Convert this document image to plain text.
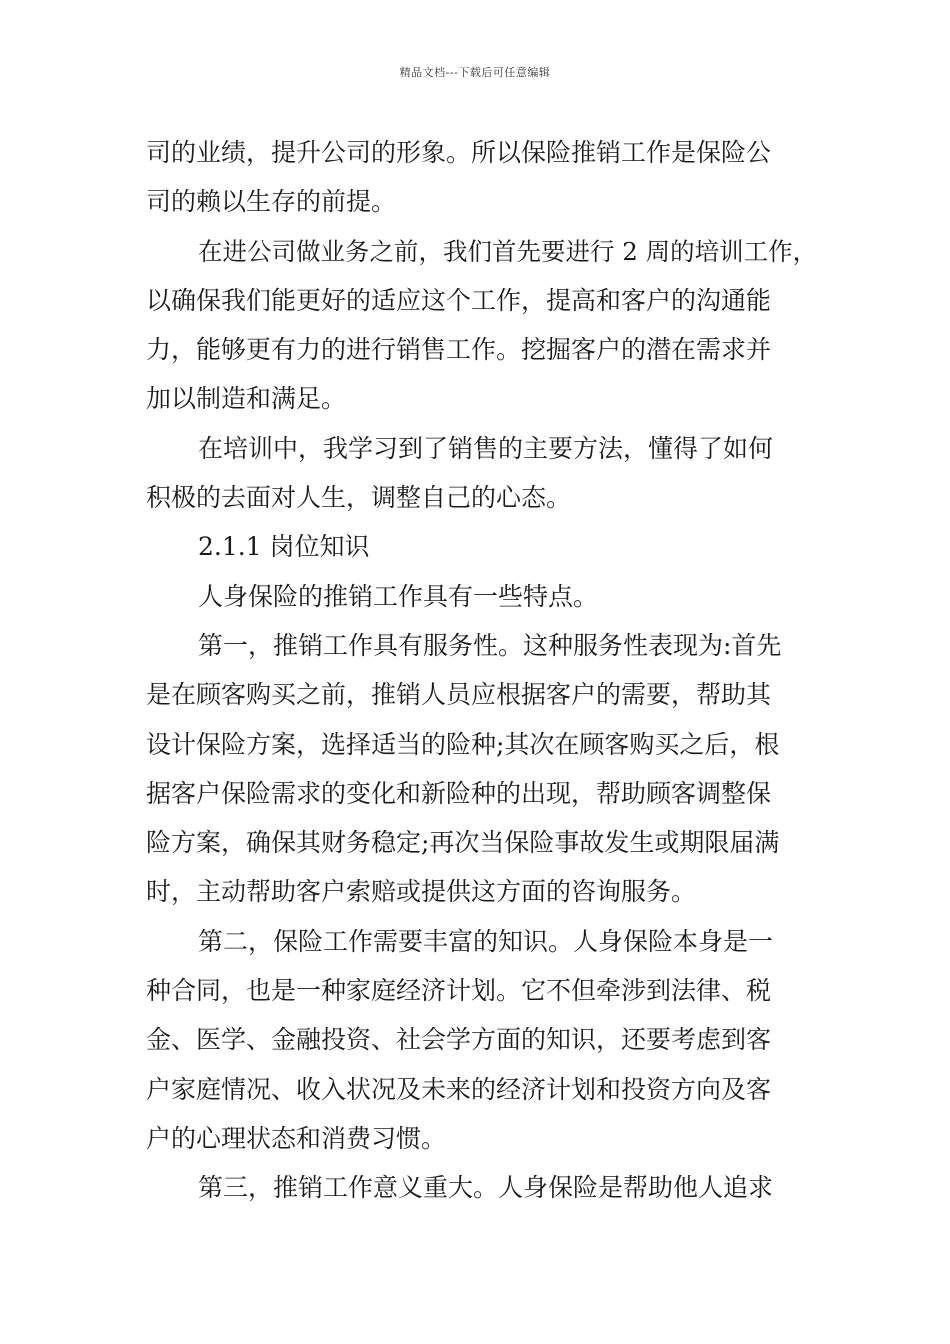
精品文档---下载后可任意编辑
司的业绩，提升公司的形象。所以保险推销工作是保险公
司的赖以生存的前提。
在进公司做业务之前，我们首先要进行 2 周的培训工作，
以确保我们能更好的适应这个工作，提高和客户的沟通能
力，能够更有力的进行销售工作。挖掘客户的潜在需求并
加以制造和满足。
在培训中，我学习到了销售的主要方法，懂得了如何
积极的去面对人生，调整自己的心态。
2.1.1 岗位知识
人身保险的推销工作具有一些特点。
第一，推销工作具有服务性。这种服务性表现为:首先
是在顾客购买之前，推销人员应根据客户的需要，帮助其
设计保险方案，选择适当的险种;其次在顾客购买之后，根
据客户保险需求的变化和新险种的出现，帮助顾客调整保
险方案，确保其财务稳定;再次当保险事故发生或期限届满
时，主动帮助客户索赔或提供这方面的咨询服务。
第二，保险工作需要丰富的知识。人身保险本身是一
种合同，也是一种家庭经济计划。它不但牵涉到法律、税
金、医学、金融投资、社会学方面的知识，还要考虑到客
户家庭情况、收入状况及未来的经济计划和投资方向及客
户的心理状态和消费习惯。
第三，推销工作意义重大。人身保险是帮助他人追求
